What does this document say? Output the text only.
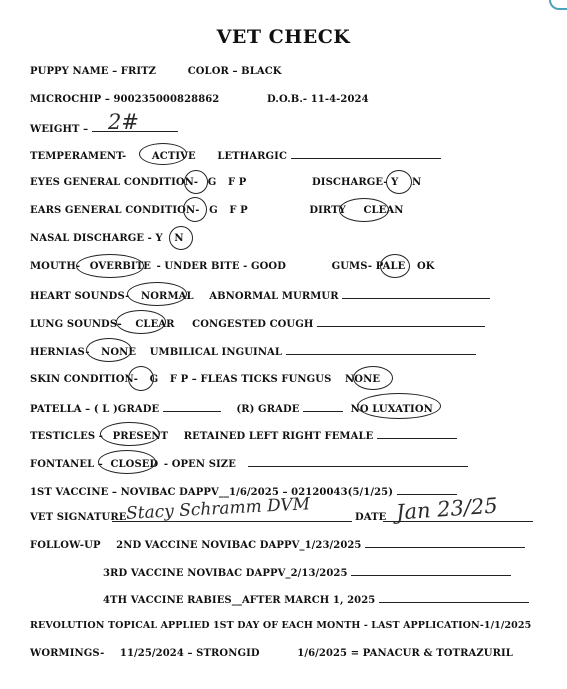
VET CHECK
PUPPY NAME – FRITZ	COLOR – BLACK
MICROCHIP – 900235000828862	D.O.B.- 11-4-2024
WEIGHT – 2#
TEMPERAMENT-	ACTIVE LETHARGIC
EYES GENERAL CONDITION- G F P	DISCHARGE- Y N
EARS GENERAL CONDITION- G F P	DIRTY CLEAN
NASAL DISCHARGE - Y N
MOUTH- OVERBITE - UNDER BITE - GOOD	GUMS- PALE OK
HEART SOUNDS- NORMAL ABNORMAL MURMUR
LUNG SOUNDS- CLEAR CONGESTED COUGH
HERNIAS- NONE UMBILICAL INGUINAL
SKIN CONDITION- G F P – FLEAS TICKS FUNGUS NONE
PATELLA – ( L )GRADE	(R) GRADE	NO LUXATION
TESTICLES - PRESENT RETAINED LEFT RIGHT FEMALE
FONTANEL – CLOSED - OPEN SIZE
1ST VACCINE – NOVIBAC DAPPV__1/6/2025 – 02120043(5/1/25)
VET SIGNATURE Stacy Schramm DVM	DATE Jan 23/25
FOLLOW-UP 2ND VACCINE NOVIBAC DAPPV_1/23/2025
3RD VACCINE NOVIBAC DAPPV_2/13/2025
4TH VACCINE RABIES__AFTER MARCH 1, 2025
REVOLUTION TOPICAL APPLIED 1ST DAY OF EACH MONTH - LAST APPLICATION-1/1/2025
WORMINGS- 11/25/2024 – STRONGID	1/6/2025 = PANACUR & TOTRAZURIL
